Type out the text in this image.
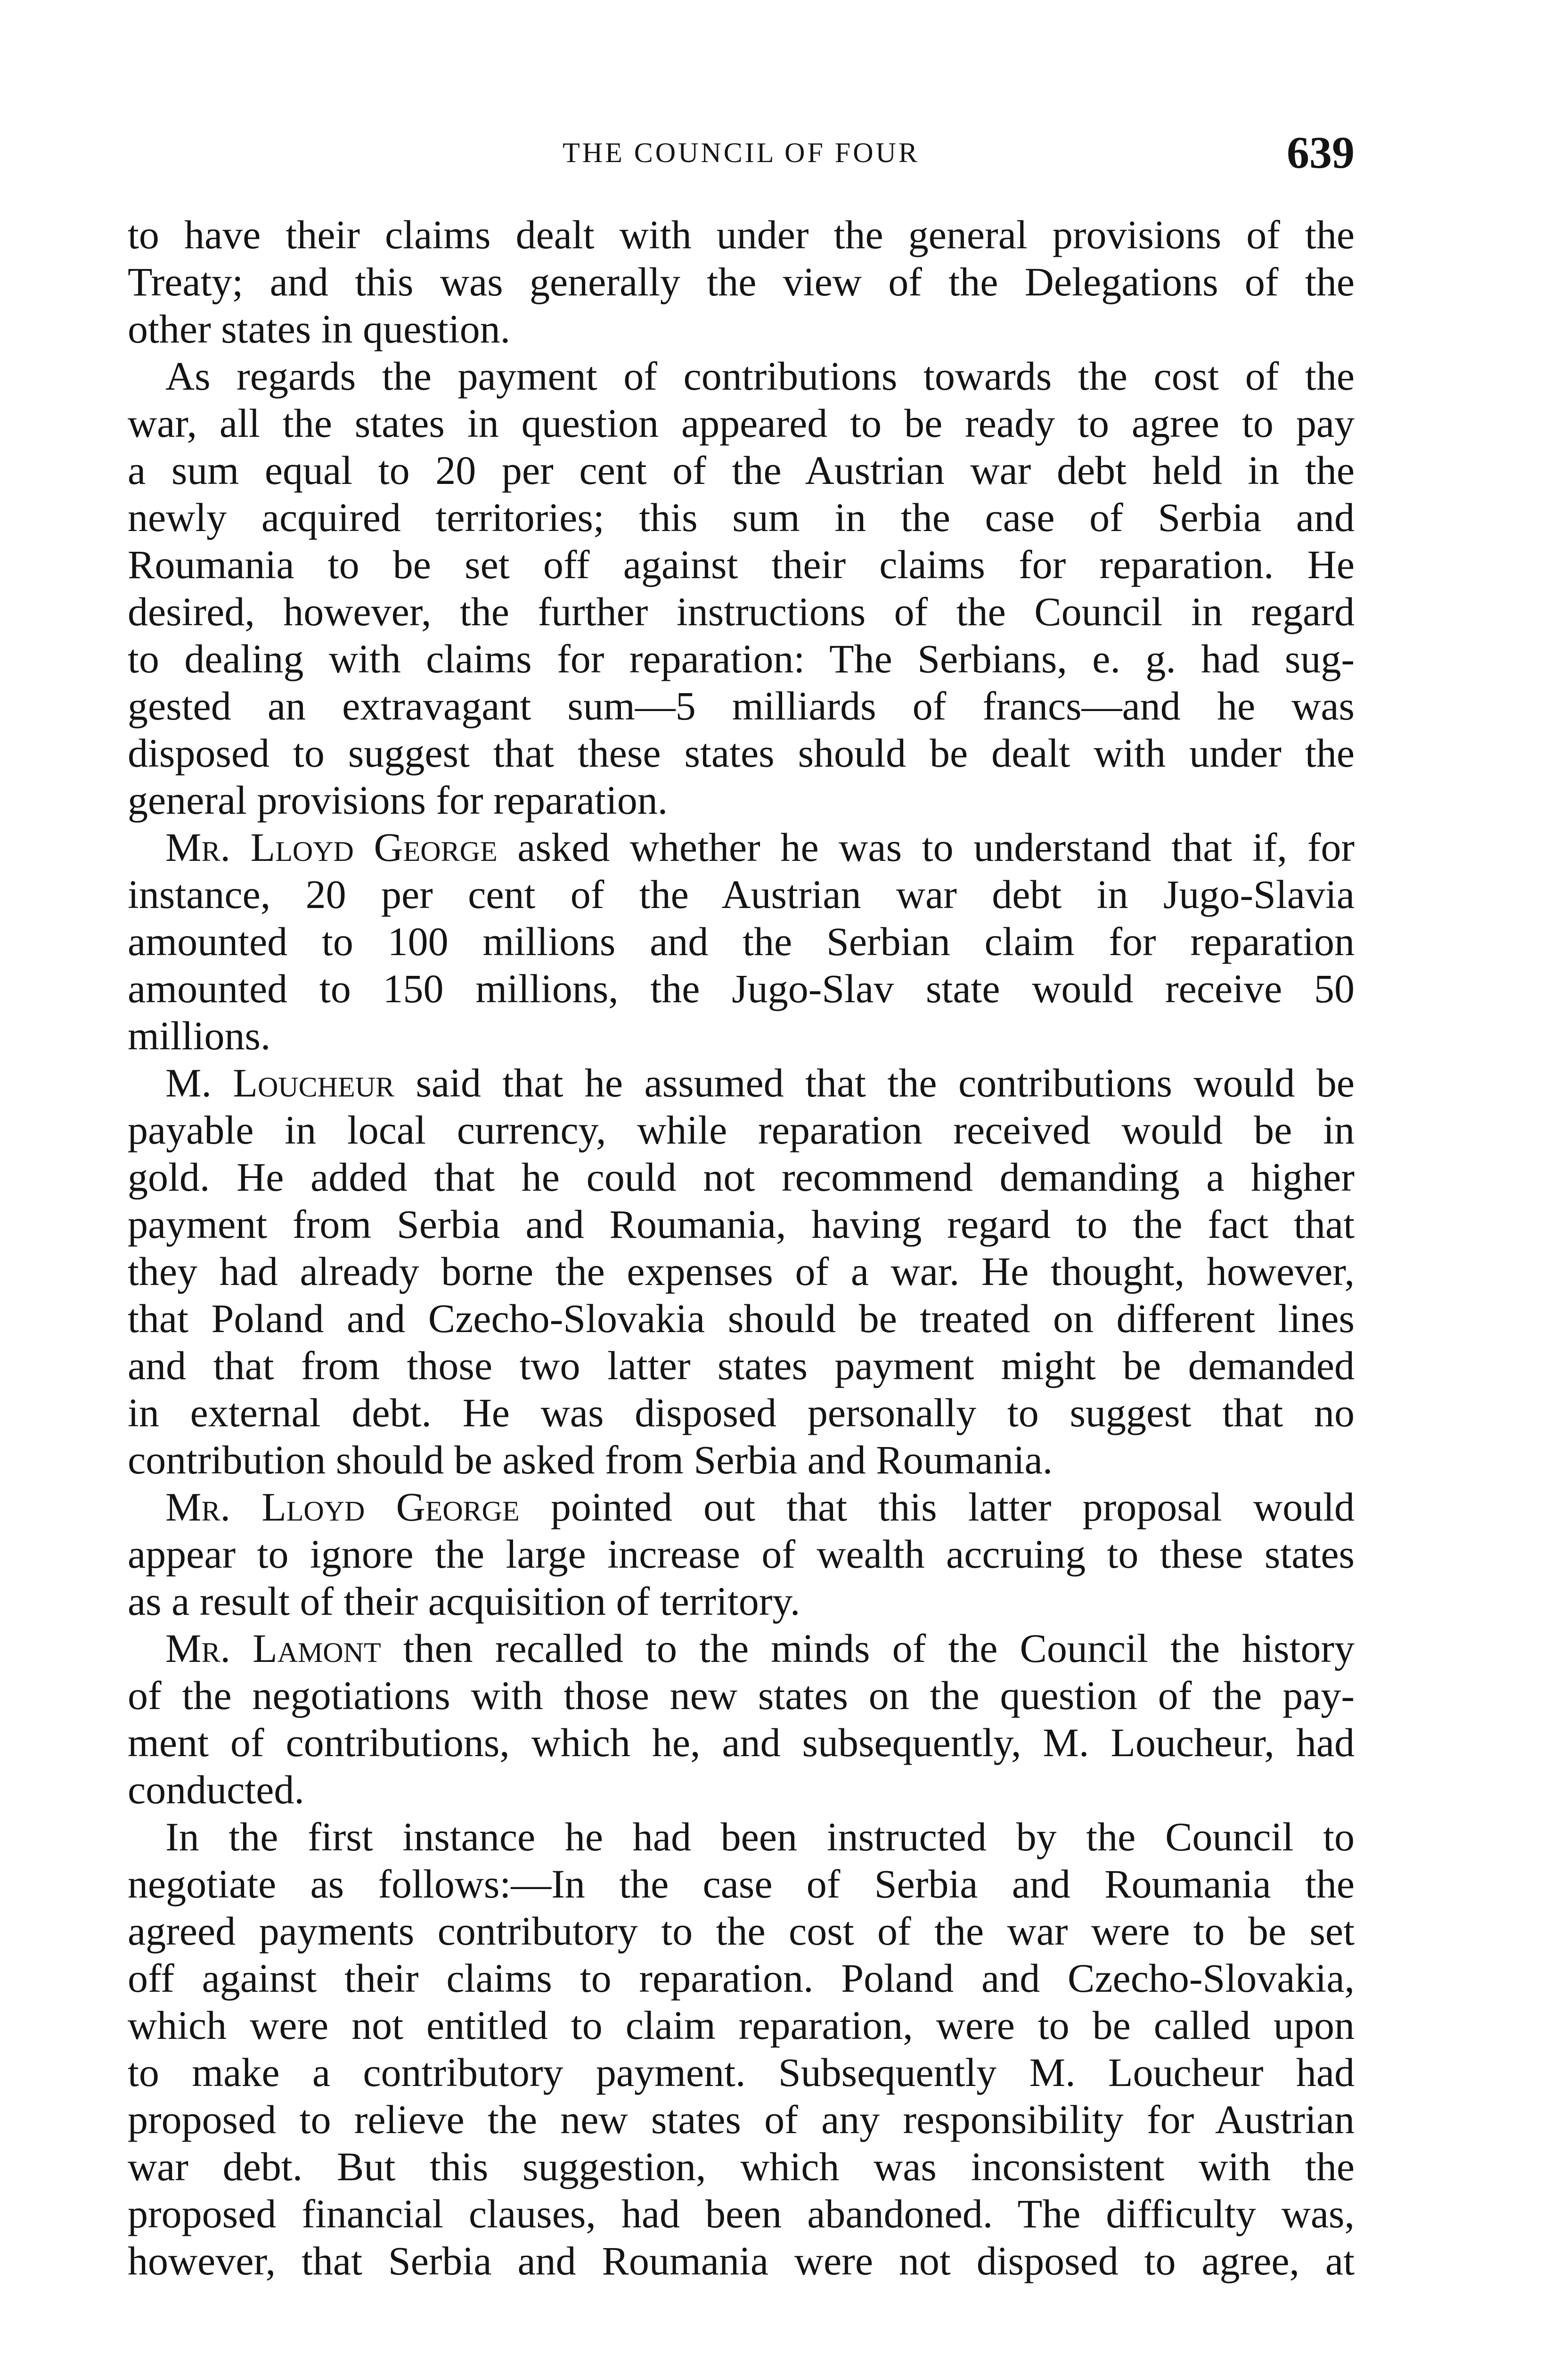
THE COUNCIL OF FOUR	639
to have their claims dealt with under the general provisions of the
Treaty; and this was generally the view of the Delegations of the
other states in question.
As regards the payment of contributions towards the cost of the
war, all the states in question appeared to be ready to agree to pay
a sum equal to 20 per cent of the Austrian war debt held in the
newly acquired territories; this sum in the case of Serbia and
Roumania to be set off against their claims for reparation. He
desired, however, the further instructions of the Council in regard
to dealing with claims for reparation: The Serbians, e. g. had sug-
gested an extravagant sum—5 milliards of francs—and he was
disposed to suggest that these states should be dealt with under the
general provisions for reparation.
Mr. Lloyd George asked whether he was to understand that if, for
instance, 20 per cent of the Austrian war debt in Jugo-Slavia
amounted to 100 millions and the Serbian claim for reparation
amounted to 150 millions, the Jugo-Slav state would receive 50
millions.
M. Loucheur said that he assumed that the contributions would be
payable in local currency, while reparation received would be in
gold. He added that he could not recommend demanding a higher
payment from Serbia and Roumania, having regard to the fact that
they had already borne the expenses of a war. He thought, however,
that Poland and Czecho-Slovakia should be treated on different lines
and that from those two latter states payment might be demanded
in external debt. He was disposed personally to suggest that no
contribution should be asked from Serbia and Roumania.
Mr. Lloyd George pointed out that this latter proposal would
appear to ignore the large increase of wealth accruing to these states
as a result of their acquisition of territory.
Mr. Lamont then recalled to the minds of the Council the history
of the negotiations with those new states on the question of the pay-
ment of contributions, which he, and subsequently, M. Loucheur, had
conducted.
In the first instance he had been instructed by the Council to
negotiate as follows:—In the case of Serbia and Roumania the
agreed payments contributory to the cost of the war were to be set
off against their claims to reparation. Poland and Czecho-Slovakia,
which were not entitled to claim reparation, were to be called upon
to make a contributory payment. Subsequently M. Loucheur had
proposed to relieve the new states of any responsibility for Austrian
war debt. But this suggestion, which was inconsistent with the
proposed financial clauses, had been abandoned. The difficulty was,
however, that Serbia and Roumania were not disposed to agree, at
